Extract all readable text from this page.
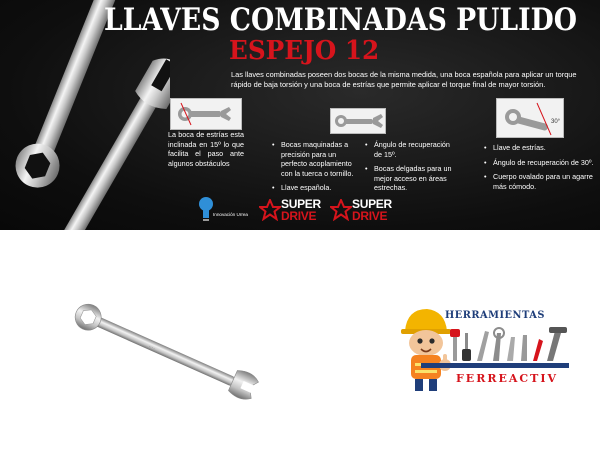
LLAVES COMBINADAS PULIDO
ESPEJO 12

Las llaves combinadas poseen dos bocas de la misma medida, una boca española para aplicar un torque rápido de baja torsión y una boca de estrías que permite aplicar el torque final de mayor torsión.

30°
La boca de estrías esta inclinada en 15º lo que facilita el paso ante algunos obstáculos
• Bocas maquinadas a precisión para un perfecto acoplamiento con la tuerca o tornillo.
• Llave española.
• Ángulo de recuperación de 15º.
• Bocas delgadas para un mejor acceso en áreas estrechas.
• Llave de estrías.
• Ángulo de recuperación de 30º.
• Cuerpo ovalado para un agarre más cómodo.
Innovación Urrea
SUPER
DRIVE
SUPER
DRIVE
····
HERRAMIENTAS
FERREACTIV
